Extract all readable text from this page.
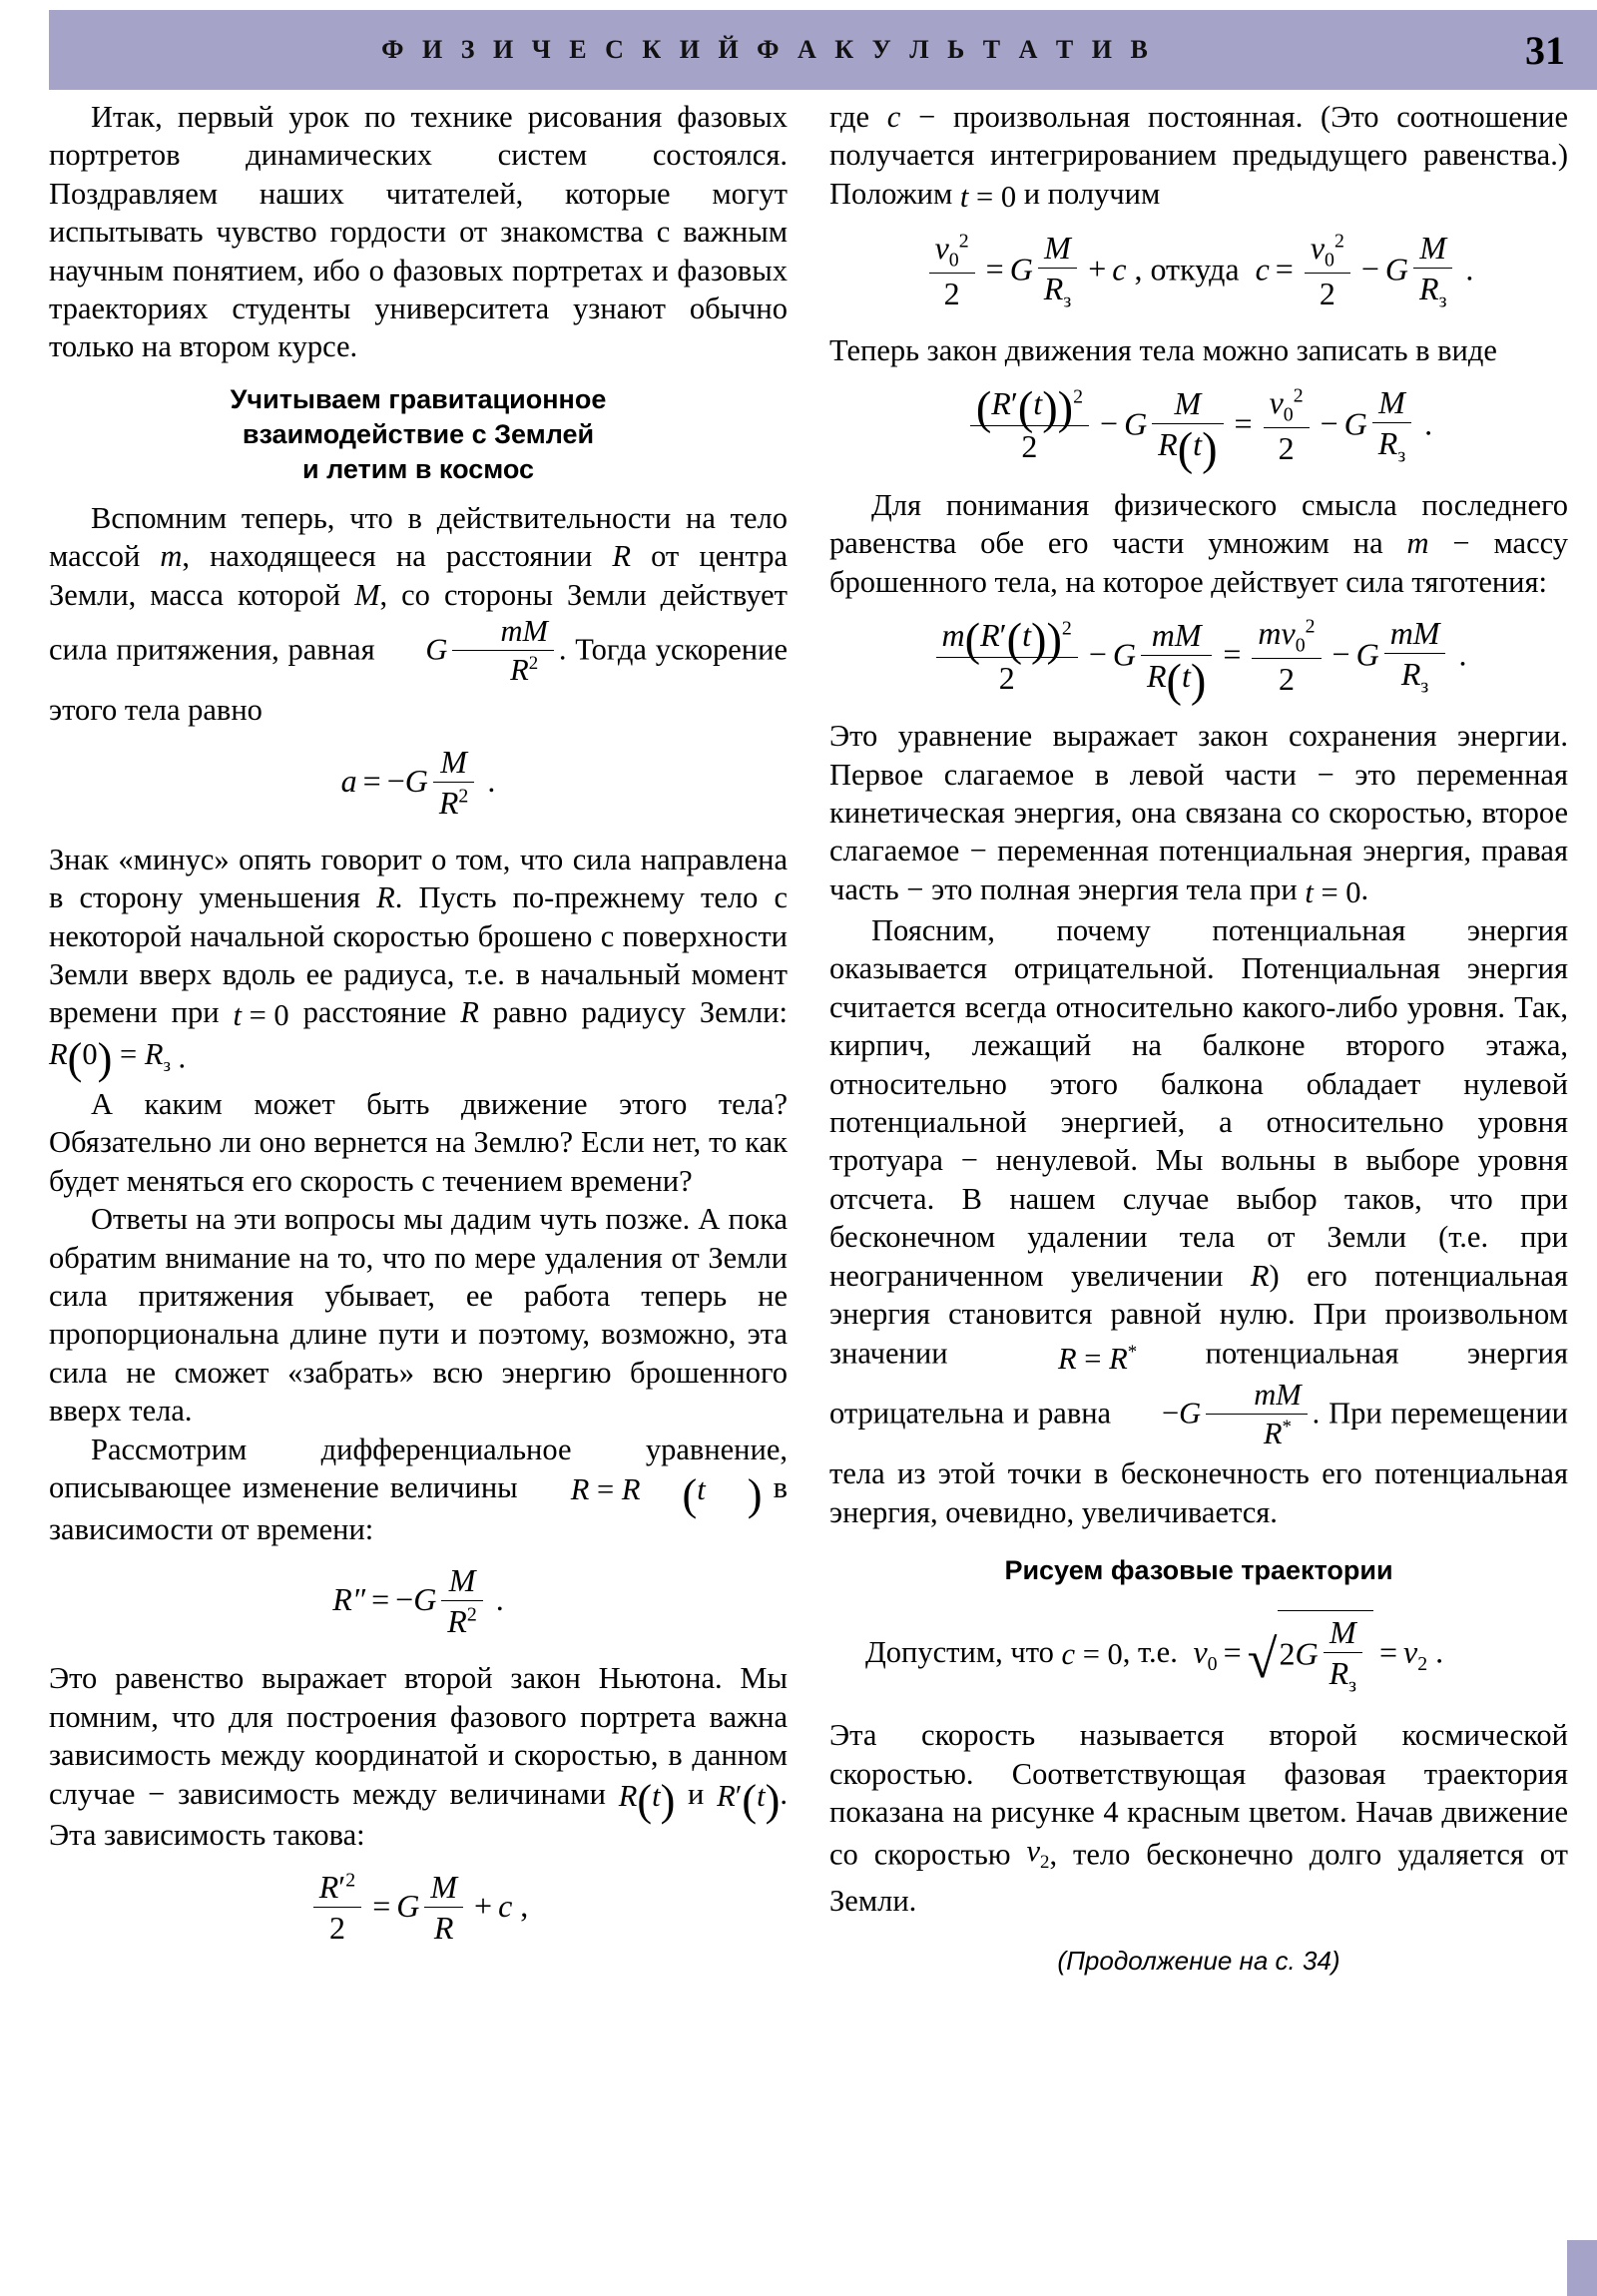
Ф И З И Ч Е С К И Й Ф А К У Л Ь Т А Т И В	31

Итак, первый урок по технике рисования фазовых портретов динамических систем состоялся. Поздравляем наших читателей, которые могут испытывать чувство гордости от знакомства с важным научным понятием, ибо о фазовых портретах и фазовых траекториях студенты университета узнают обычно только на втором курсе.

Учитываем гравитационное
взаимодействие с Землей
и летим в космос

Вспомним теперь, что в действительности на тело массой m, находящееся на расстоянии R от центра Земли, масса которой M, со стороны Земли действует сила притяжения, равная G $\frac{mM}{R^2}$ . Тогда ускорение этого тела равно

$a = -G \frac{M}{R^2}$ .

Знак «минус» опять говорит о том, что сила направлена в сторону уменьшения R. Пусть по-прежнему тело с некоторой начальной скоростью брошено с поверхности Земли вверх вдоль ее радиуса, т.е. в начальный момент времени при t = 0 расстояние R равно радиусу Земли: $R(0) = R_з$ .

А каким может быть движение этого тела? Обязательно ли оно вернется на Землю? Если нет, то как будет меняться его скорость с течением времени?

Ответы на эти вопросы мы дадим чуть позже. А пока обратим внимание на то, что по мере удаления от Земли сила притяжения убывает, ее работа теперь не пропорциональна длине пути и поэтому, возможно, эта сила не сможет «забрать» всю энергию брошенного вверх тела.

Рассмотрим дифференциальное уравнение, описывающее изменение величины R = R (t ) в зависимости от времени:

$R'' = -G \frac{M}{R^2}$ .

Это равенство выражает второй закон Ньютона. Мы помним, что для построения фазового портрета важна зависимость между координатой и скоростью, в данном случае − зависимость между величинами R(t) и R′(t). Эта зависимость такова:

$\frac{R'^2}{2} = G \frac{M}{R} + c$ ,

где c − произвольная постоянная. (Это соотношение получается интегрированием предыдущего равенства.) Положим t = 0 и получим

$\frac{v_0^2}{2} = G \frac{M}{R_з} + c$ , откуда $c = \frac{v_0^2}{2} - G \frac{M}{R_з}$ .

Теперь закон движения тела можно записать в виде

$\frac{(R'(t))^2}{2} - G \frac{M}{R(t)} = \frac{v_0^2}{2} - G \frac{M}{R_з}$ .

Для понимания физического смысла последнего равенства обе его части умножим на m − массу брошенного тела, на которое действует сила тяготения:

$\frac{m(R'(t))^2}{2} - G \frac{mM}{R(t)} = \frac{mv_0^2}{2} - G \frac{mM}{R_з}$ .

Это уравнение выражает закон сохранения энергии. Первое слагаемое в левой части − это переменная кинетическая энергия, она связана со скоростью, второе слагаемое − переменная потенциальная энергия, правая часть − это полная энергия тела при t = 0.

Поясним, почему потенциальная энергия оказывается отрицательной. Потенциальная энергия считается всегда относительно какого-либо уровня. Так, кирпич, лежащий на балконе второго этажа, относительно этого балкона обладает нулевой потенциальной энергией, а относительно уровня тротуара − ненулевой. Мы вольны в выборе уровня отсчета. В нашем случае выбор таков, что при бесконечном удалении тела от Земли (т.е. при неограниченном увеличении R) его потенциальная энергия становится равной нулю. При произвольном значении R = R* потенциальная энергия отрицательна и равна $-G \frac{mM}{R^*}$ . При перемещении тела из этой точки в бесконечность его потенциальная энергия, очевидно, увеличивается.

Рисуем фазовые траектории
Допустим, что c = 0, т.е.  $v_0 = √2G \frac{M}{R_з} = v_2$ .

Эта скорость называется второй космической скоростью. Соответствующая фазовая траектория показана на рисунке 4 красным цветом. Начав движение со скоростью $v_2$, тело бесконечно долго удаляется от Земли.

(Продолжение на с. 34)
